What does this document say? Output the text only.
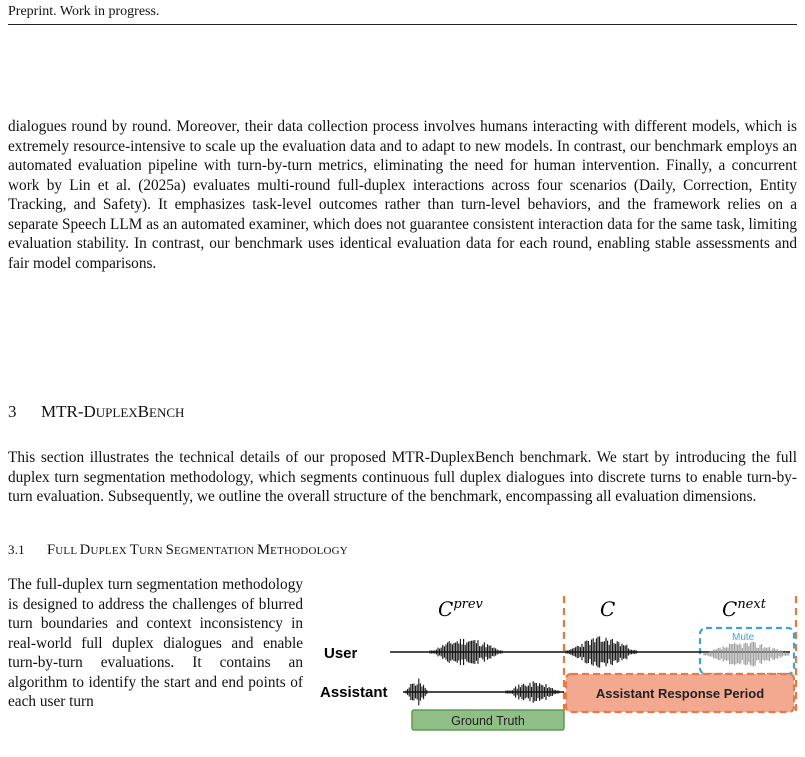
Preprint. Work in progress.
dialogues round by round. Moreover, their data collection process involves humans interacting with different models, which is extremely resource-intensive to scale up the evaluation data and to adapt to new models. In contrast, our benchmark employs an automated evaluation pipeline with turn-by-turn metrics, eliminating the need for human intervention. Finally, a concurrent work by Lin et al. (2025a) evaluates multi-round full-duplex interactions across four scenarios (Daily, Correction, Entity Tracking, and Safety). It emphasizes task-level outcomes rather than turn-level behaviors, and the framework relies on a separate Speech LLM as an automated examiner, which does not guarantee consistent interaction data for the same task, limiting evaluation stability. In contrast, our benchmark uses identical evaluation data for each round, enabling stable assessments and fair model comparisons.
3 MTR-DUPLEXBENCH
This section illustrates the technical details of our proposed MTR-DuplexBench benchmark. We start by introducing the full duplex turn segmentation methodology, which segments continuous full duplex dialogues into discrete turns to enable turn-by-turn evaluation. Subsequently, we outline the overall structure of the benchmark, encompassing all evaluation dimensions.
3.1 FULL DUPLEX TURN SEGMENTATION METHODOLOGY
The full-duplex turn segmentation methodology is designed to address the challenges of blurred turn boundaries and context inconsistency in real-world full duplex dialogues and enable turn-by-turn evaluations. It contains an algorithm to identify the start and end points of each user turn
$C^{prev}$	C	$C^{next}$
User
Assistant
Mute
Assistant Response Period
Ground Truth
